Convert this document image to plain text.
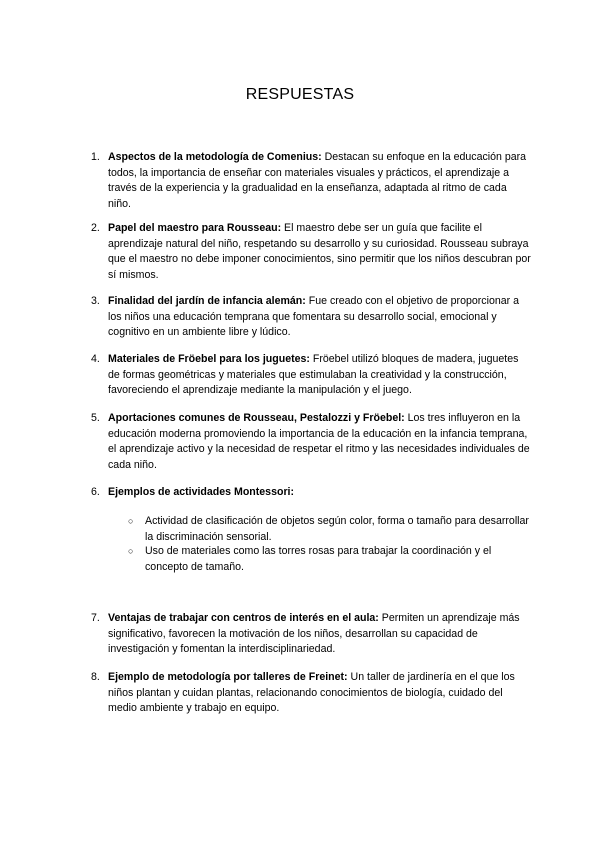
RESPUESTAS
1. Aspectos de la metodología de Comenius: Destacan su enfoque en la educación para todos, la importancia de enseñar con materiales visuales y prácticos, el aprendizaje a través de la experiencia y la gradualidad en la enseñanza, adaptada al ritmo de cada niño.
2. Papel del maestro para Rousseau: El maestro debe ser un guía que facilite el aprendizaje natural del niño, respetando su desarrollo y su curiosidad. Rousseau subraya que el maestro no debe imponer conocimientos, sino permitir que los niños descubran por sí mismos.
3. Finalidad del jardín de infancia alemán: Fue creado con el objetivo de proporcionar a los niños una educación temprana que fomentara su desarrollo social, emocional y cognitivo en un ambiente libre y lúdico.
4. Materiales de Fröebel para los juguetes: Fröebel utilizó bloques de madera, juguetes de formas geométricas y materiales que estimulaban la creatividad y la construcción, favoreciendo el aprendizaje mediante la manipulación y el juego.
5. Aportaciones comunes de Rousseau, Pestalozzi y Fröebel: Los tres influyeron en la educación moderna promoviendo la importancia de la educación en la infancia temprana, el aprendizaje activo y la necesidad de respetar el ritmo y las necesidades individuales de cada niño.
6. Ejemplos de actividades Montessori:
○ Actividad de clasificación de objetos según color, forma o tamaño para desarrollar la discriminación sensorial.
○ Uso de materiales como las torres rosas para trabajar la coordinación y el concepto de tamaño.
7. Ventajas de trabajar con centros de interés en el aula: Permiten un aprendizaje más significativo, favorecen la motivación de los niños, desarrollan su capacidad de investigación y fomentan la interdisciplinariedad.
8. Ejemplo de metodología por talleres de Freinet: Un taller de jardinería en el que los niños plantan y cuidan plantas, relacionando conocimientos de biología, cuidado del medio ambiente y trabajo en equipo.
